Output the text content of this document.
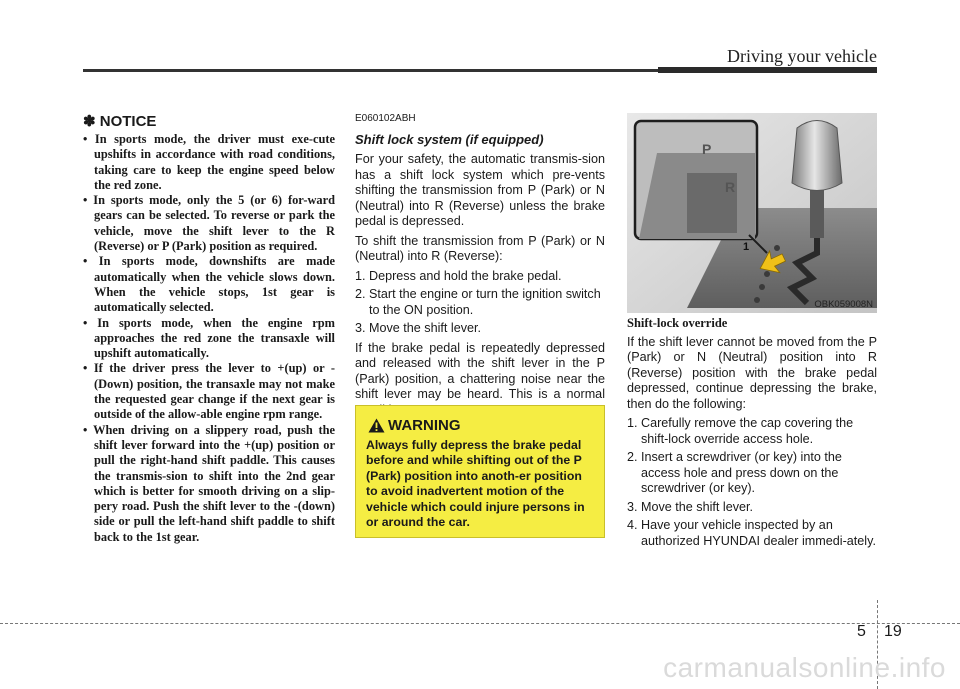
Driving your vehicle
✽ NOTICE
• In sports mode, the driver must exe-cute upshifts in accordance with road conditions, taking care to keep the engine speed below the red zone.
• In sports mode, only the 5 (or 6) for-ward gears can be selected. To reverse or park the vehicle, move the shift lever to the R (Reverse) or P (Park) position as required.
• In sports mode, downshifts are made automatically when the vehicle slows down. When the vehicle stops, 1st gear is automatically selected.
• In sports mode, when the engine rpm approaches the red zone the transaxle will upshift automatically.
• If the driver press the lever to +(up) or -(Down) position, the transaxle may not make the requested gear change if the next gear is outside of the allow-able engine rpm range.
• When driving on a slippery road, push the shift lever forward into the +(up) position or pull the right-hand shift paddle. This causes the transmis-sion to shift into the 2nd gear which is better for smooth driving on a slip-pery road. Push the shift lever to the -(down) side or pull the left-hand shift paddle to shift back to the 1st gear.
E060102ABH
Shift lock system (if equipped)

For your safety, the automatic transmis-sion has a shift lock system which pre-vents shifting the transmission from P (Park) or N (Neutral) into R (Reverse) unless the brake pedal is depressed.

To shift the transmission from P (Park) or N (Neutral) into R (Reverse):

1. Depress and hold the brake pedal.
2. Start the engine or turn the ignition switch to the ON position.
3. Move the shift lever.

If the brake pedal is repeatedly depressed and released with the shift lever in the P (Park) position, a chattering noise near the shift lever may be heard. This is a normal

WARNING
Always fully depress the brake pedal before and while shifting out of the P (Park) position into anoth-er position to avoid inadvertent motion of the vehicle which could injure persons in or around the car.
P
R
1
OBK059008N
Shift-lock override

If the shift lever cannot be moved from the P (Park) or N (Neutral) position into R (Reverse) position with the brake pedal depressed, continue depressing the brake, then do the following:

1. Carefully remove the cap covering the shift-lock override access hole.
2. Insert a screwdriver (or key) into the access hole and press down on the screwdriver (or key).
3. Move the shift lever.
4. Have your vehicle inspected by an authorized HYUNDAI dealer immedi-ately.
5 19
carmanualsonline.info
